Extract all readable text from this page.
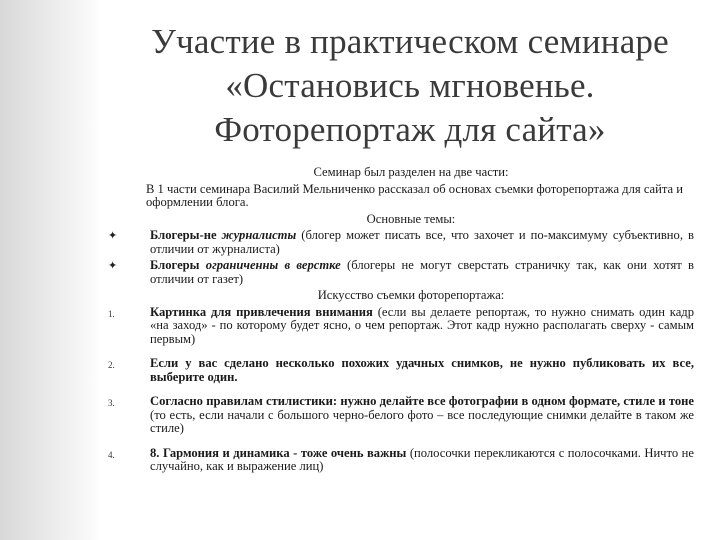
Участие в практическом семинаре
«Остановись мгновенье.
Фоторепортаж для сайта»
Семинар был разделен на две части:
В 1 части семинара Василий Мельниченко рассказал об основах съемки фоторепортажа для сайта и оформлении блога.
Основные темы:
✦	Блогеры-не журналисты (блогер может писать все, что захочет и по-максимуму субъективно, в отличии от журналиста)
✦	Блогеры ограниченны в верстке (блогеры не могут сверстать страничку так, как они хотят в отличии от газет)
Искусство съемки фоторепортажа:
1.	Картинка для привлечения внимания (если вы делаете репортаж, то нужно снимать один кадр «на заход» - по которому будет ясно, о чем репортаж. Этот кадр нужно располагать сверху - самым первым)
2.	Если у вас сделано несколько похожих удачных снимков, не нужно публиковать их все, выберите один.
3.	Согласно правилам стилистики: нужно делайте все фотографии в одном формате, стиле и тоне (то есть, если начали с большого черно-белого фото – все последующие снимки делайте в таком же стиле)
4.	8. Гармония и динамика - тоже очень важны (полосочки перекликаются с полосочками. Ничто не случайно, как и выражение лиц)
